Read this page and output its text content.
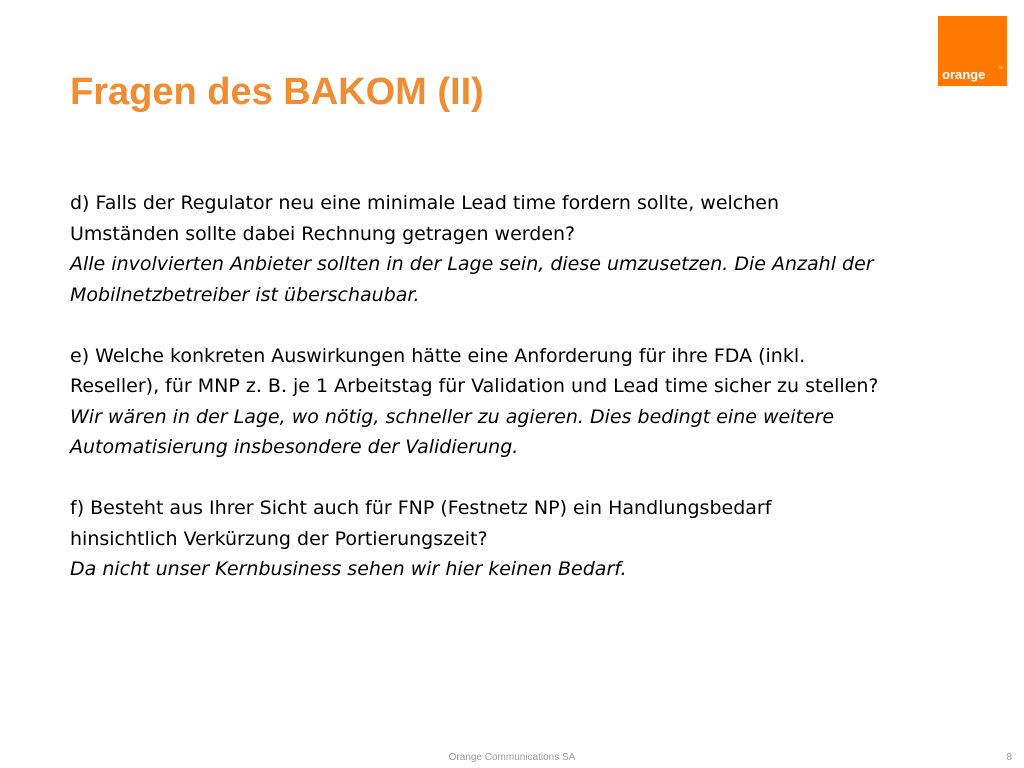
Fragen des BAKOM (II)	orange	™

d) Falls der Regulator neu eine minimale Lead time fordern sollte, welchen

Umständen sollte dabei Rechnung getragen werden?

Alle involvierten Anbieter sollten in der Lage sein, diese umzusetzen. Die Anzahl der

Mobilnetzbetreiber ist überschaubar.

e) Welche konkreten Auswirkungen hätte eine Anforderung für ihre FDA (inkl.

Reseller), für MNP z. B. je 1 Arbeitstag für Validation und Lead time sicher zu stellen?

Wir wären in der Lage, wo nötig, schneller zu agieren. Dies bedingt eine weitere

Automatisierung insbesondere der Validierung.

f) Besteht aus Ihrer Sicht auch für FNP (Festnetz NP) ein Handlungsbedarf

hinsichtlich Verkürzung der Portierungszeit?

Da nicht unser Kernbusiness sehen wir hier keinen Bedarf.

Orange Communications SA	8
